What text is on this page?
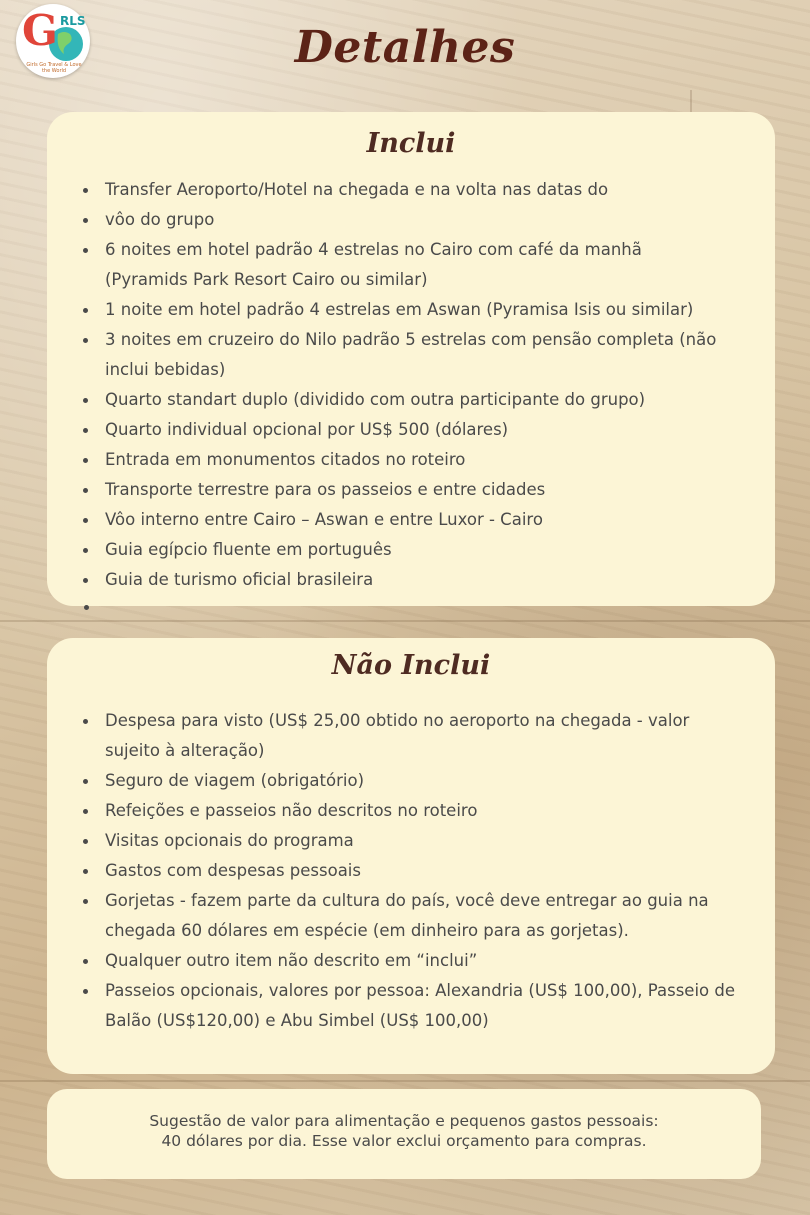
G RLS
Girls Go Travel & Love the World	Detalhes
Inclui
Transfer Aeroporto/Hotel na chegada e na volta nas datas do
vôo do grupo
6 noites em hotel padrão 4 estrelas no Cairo com café da manhã (Pyramids Park Resort Cairo ou similar)
1 noite em hotel padrão 4 estrelas em Aswan (Pyramisa Isis ou similar)
3 noites em cruzeiro do Nilo padrão 5 estrelas com pensão completa (não inclui bebidas)
Quarto standart duplo (dividido com outra participante do grupo)
Quarto individual opcional por US$ 500 (dólares)
Entrada em monumentos citados no roteiro
Transporte terrestre para os passeios e entre cidades
Vôo interno entre Cairo – Aswan e entre Luxor - Cairo
Guia egípcio fluente em português
Guia de turismo oficial brasileira
Não Inclui
Despesa para visto (US$ 25,00 obtido no aeroporto na chegada - valor sujeito à alteração)
Seguro de viagem (obrigatório)
Refeições e passeios não descritos no roteiro
Visitas opcionais do programa
Gastos com despesas pessoais
Gorjetas - fazem parte da cultura do país, você deve entregar ao guia na chegada 60 dólares em espécie (em dinheiro para as gorjetas).
Qualquer outro item não descrito em “inclui”
Passeios opcionais, valores por pessoa: Alexandria (US$ 100,00), Passeio de Balão (US$120,00) e Abu Simbel (US$ 100,00)
Sugestão de valor para alimentação e pequenos gastos pessoais:
40 dólares por dia. Esse valor exclui orçamento para compras.
